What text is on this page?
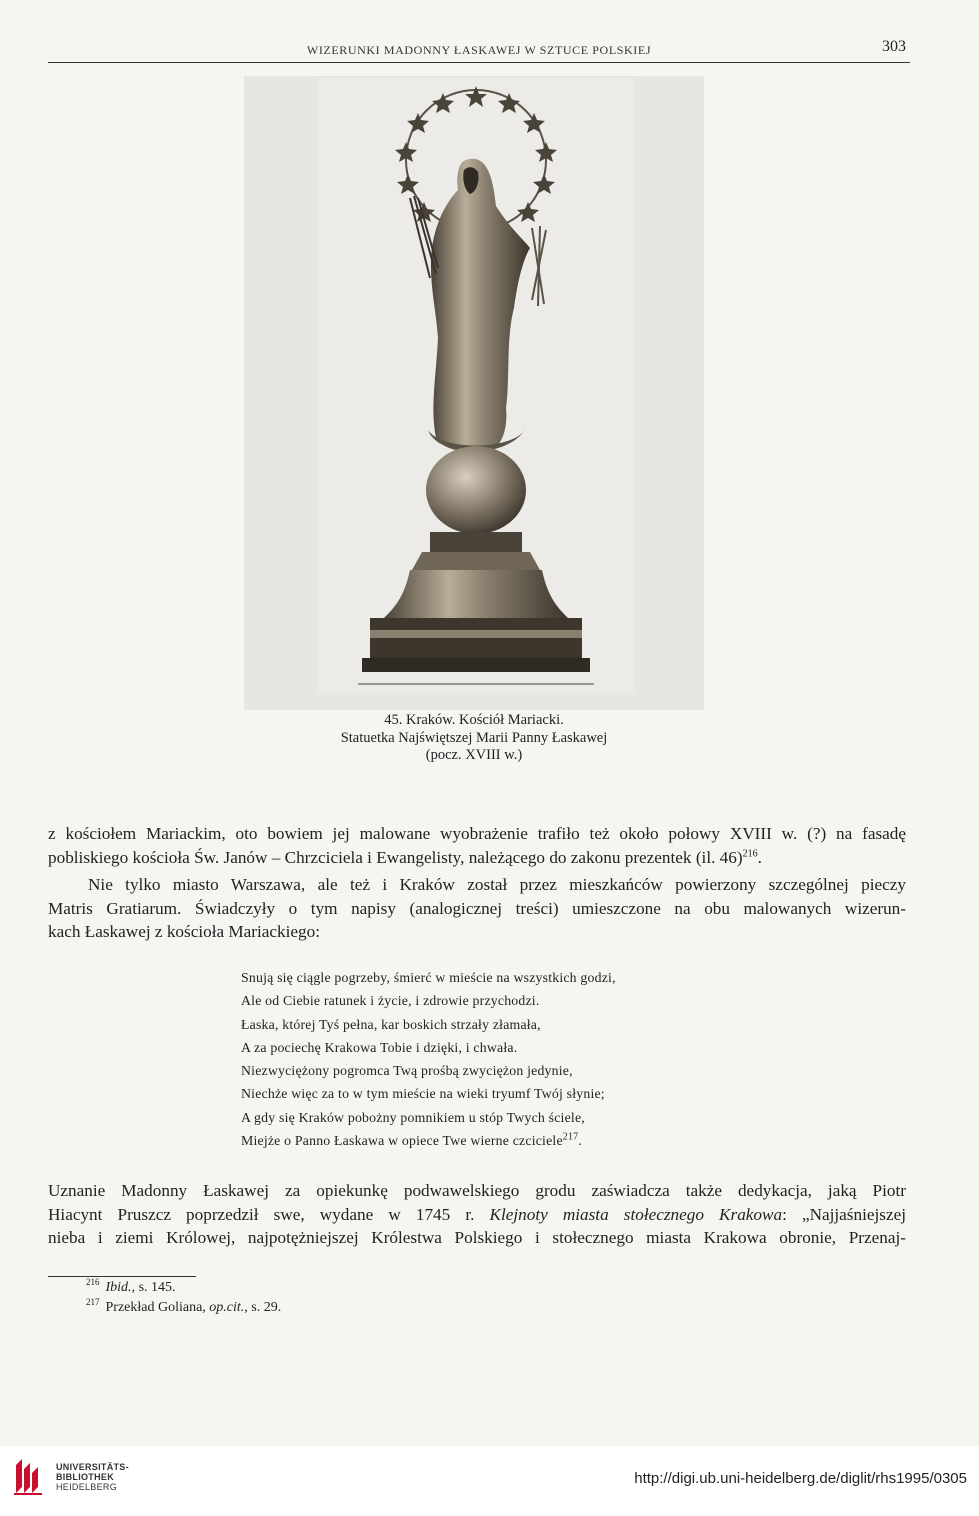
WIZERUNKI MADONNY ŁASKAWEJ W SZTUCE POLSKIEJ	303
45. Kraków. Kościół Mariacki.
Statuetka Najświętszej Marii Panny Łaskawej
(pocz. XVIII w.)
z kościołem Mariackim, oto bowiem jej malowane wyobrażenie trafiło też około połowy XVIII w. (?) na fasadę
pobliskiego kościoła Św. Janów – Chrzciciela i Ewangelisty, należącego do zakonu prezentek (il. 46)$^{216}$.
Nie tylko miasto Warszawa, ale też i Kraków został przez mieszkańców powierzony szczególnej pieczy
Matris Gratiarum. Świadczyły o tym napisy (analogicznej treści) umieszczone na obu malowanych wizerun-
kach Łaskawej z kościoła Mariackiego:
Snują się ciągle pogrzeby, śmierć w mieście na wszystkich godzi,
Ale od Ciebie ratunek i życie, i zdrowie przychodzi.
Łaska, której Tyś pełna, kar boskich strzały złamała,
A za pociechę Krakowa Tobie i dzięki, i chwała.
Niezwyciężony pogromca Twą prośbą zwyciężon jedynie,
Niechże więc za to w tym mieście na wieki tryumf Twój słynie;
A gdy się Kraków pobożny pomnikiem u stóp Twych ściele,
Miejże o Panno Łaskawa w opiece Twe wierne czciciele$^{217}$.
Uznanie Madonny Łaskawej za opiekunkę podwawelskiego grodu zaświadcza także dedykacja, jaką Piotr
Hiacynt Pruszcz poprzedził swe, wydane w 1745 r. Klejnoty miasta stołecznego Krakowa: „Najjaśniejszej
nieba i ziemi Królowej, najpotężniejszej Królestwa Polskiego i stołecznego miasta Krakowa obronie, Przenaj-
$^{216}$ Ibid., s. 145.
$^{217}$ Przekład Goliana, op.cit., s. 29.
UNIVERSITÄTS-
BIBLIOTHEK
HEIDELBERG	http://digi.ub.uni-heidelberg.de/diglit/rhs1995/0305
